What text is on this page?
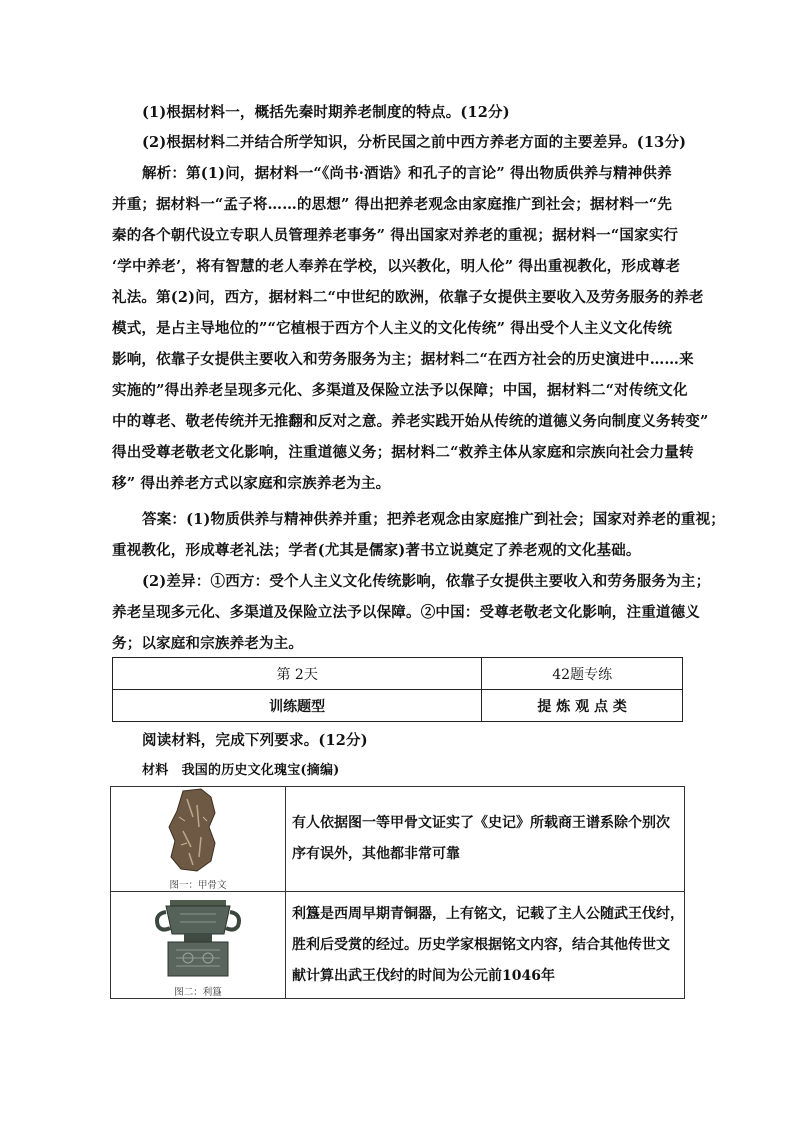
(1)根据材料一，概括先秦时期养老制度的特点。(12分)
(2)根据材料二并结合所学知识，分析民国之前中西方养老方面的主要差异。(13分)
解析：第(1)问，据材料一“《尚书·酒诰》和孔子的言论” 得出物质供养与精神供养
并重；据材料一“孟子将……的思想” 得出把养老观念由家庭推广到社会；据材料一“先
秦的各个朝代设立专职人员管理养老事务” 得出国家对养老的重视；据材料一“国家实行
‘学中养老’，将有智慧的老人奉养在学校，以兴教化，明人伦” 得出重视教化，形成尊老
礼法。第(2)问，西方，据材料二“中世纪的欧洲，依靠子女提供主要收入及劳务服务的养老
模式，是占主导地位的”“它植根于西方个人主义的文化传统” 得出受个人主义文化传统
影响，依靠子女提供主要收入和劳务服务为主；据材料二“在西方社会的历史演进中……来
实施的”得出养老呈现多元化、多渠道及保险立法予以保障；中国，据材料二“对传统文化
中的尊老、敬老传统并无推翻和反对之意。养老实践开始从传统的道德义务向制度义务转变”
得出受尊老敬老文化影响，注重道德义务；据材料二“救养主体从家庭和宗族向社会力量转
移” 得出养老方式以家庭和宗族养老为主。
答案：(1)物质供养与精神供养并重；把养老观念由家庭推广到社会；国家对养老的重视；
重视教化，形成尊老礼法；学者(尤其是儒家)著书立说奠定了养老观的文化基础。
(2)差异：①西方：受个人主义文化传统影响，依靠子女提供主要收入和劳务服务为主；
养老呈现多元化、多渠道及保险立法予以保障。②中国：受尊老敬老文化影响，注重道德义
务；以家庭和宗族养老为主。
第 2天	42题专练
训练题型	提 炼 观 点 类
阅读材料，完成下列要求。(12分)
材料　我国的历史文化瑰宝(摘编)
图一：甲骨文	有人依据图一等甲骨文证实了《史记》所载商王谱系除个别次
序有误外，其他都非常可靠

图二：利簋	利簋是西周早期青铜器，上有铭文，记载了主人公随武王伐纣，
胜利后受赏的经过。历史学家根据铭文内容，结合其他传世文
献计算出武王伐纣的时间为公元前1046年
